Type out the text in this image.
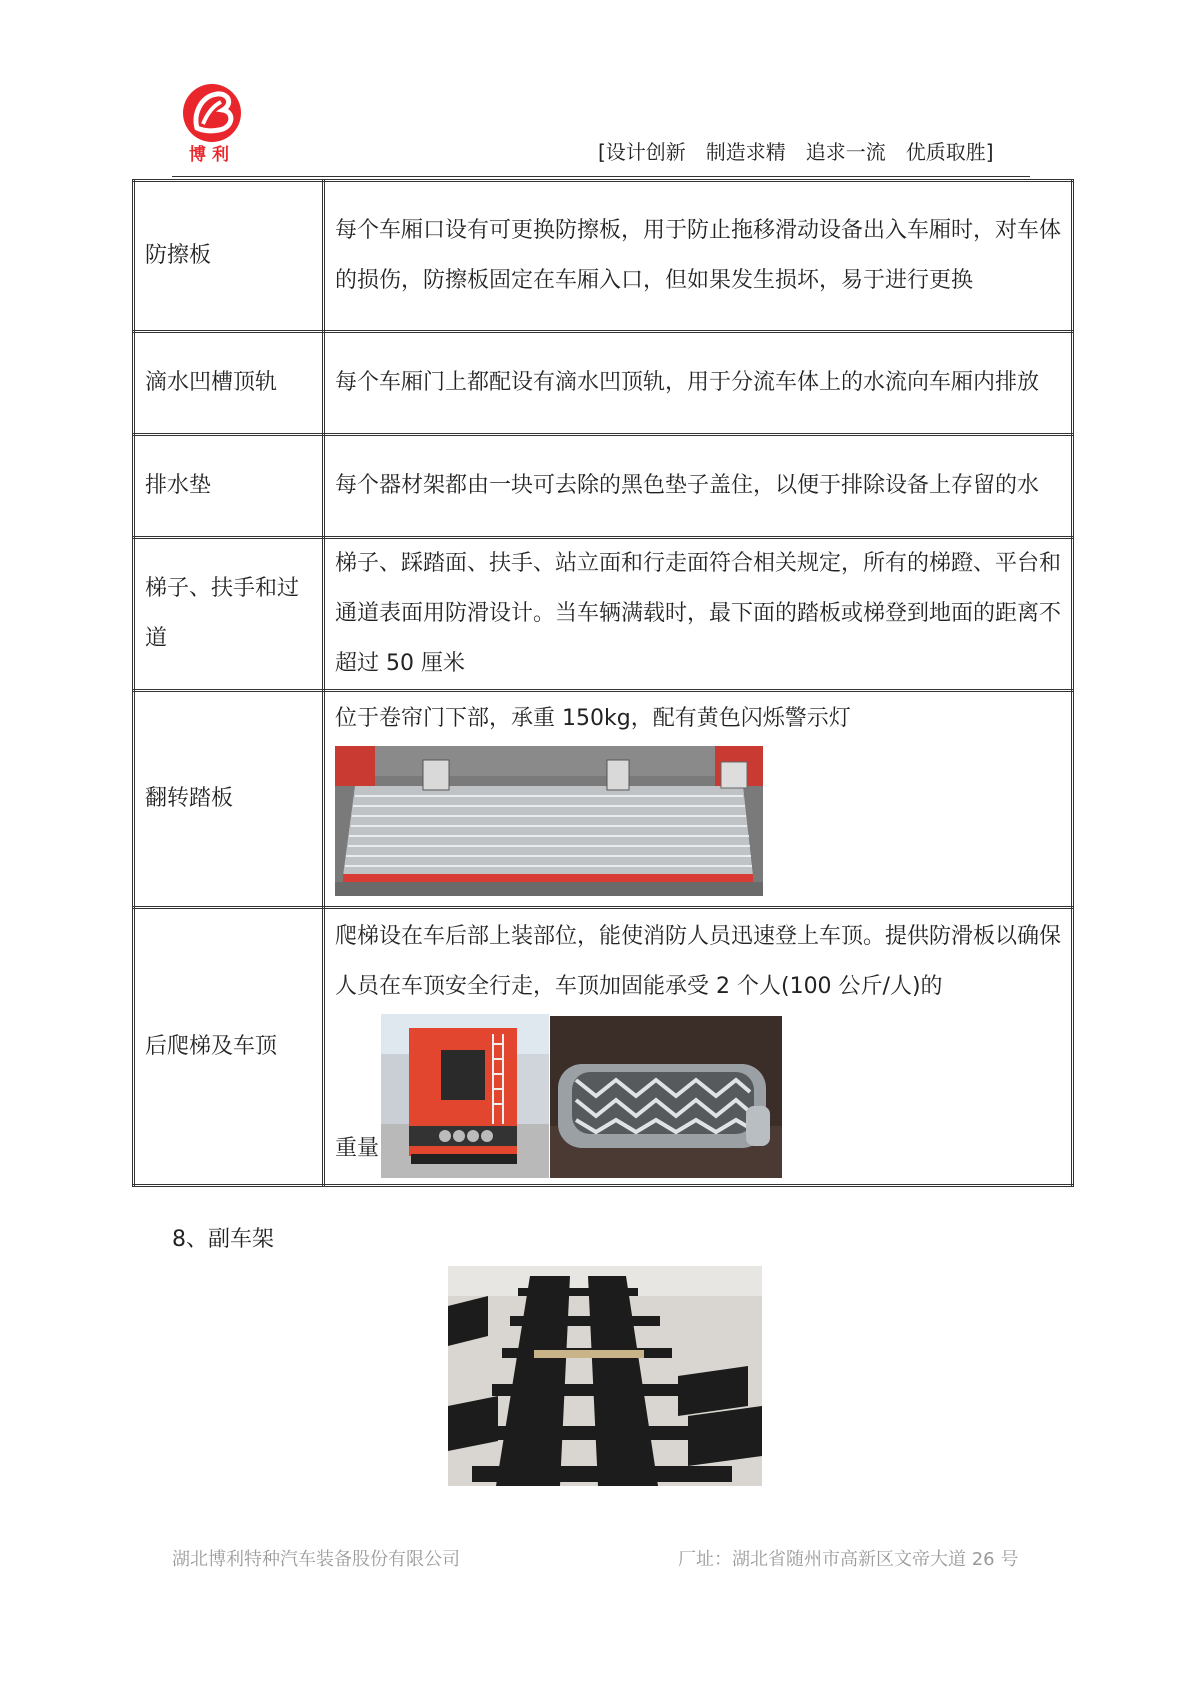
博利	[设计创新　制造求精　追求一流　优质取胜]
防擦板	每个车厢口设有可更换防擦板，用于防止拖移滑动设备出入车厢时，对车体的损伤，防擦板固定在车厢入口，但如果发生损坏，易于进行更换
滴水凹槽顶轨	每个车厢门上都配设有滴水凹顶轨，用于分流车体上的水流向车厢内排放
排水垫	每个器材架都由一块可去除的黑色垫子盖住，以便于排除设备上存留的水
梯子、扶手和过道	梯子、踩踏面、扶手、站立面和行走面符合相关规定，所有的梯蹬、平台和通道表面用防滑设计。当车辆满载时，最下面的踏板或梯登到地面的距离不超过 50 厘米
翻转踏板	位于卷帘门下部，承重 150kg，配有黄色闪烁警示灯

后爬梯及车顶	爬梯设在车后部上装部位，能使消防人员迅速登上车顶。提供防滑板以确保人员在车顶安全行走，车顶加固能承受 2 个人(100 公斤/人)的
重量
8、副车架
湖北博利特种汽车装备股份有限公司	厂址：湖北省随州市高新区文帝大道 26 号
